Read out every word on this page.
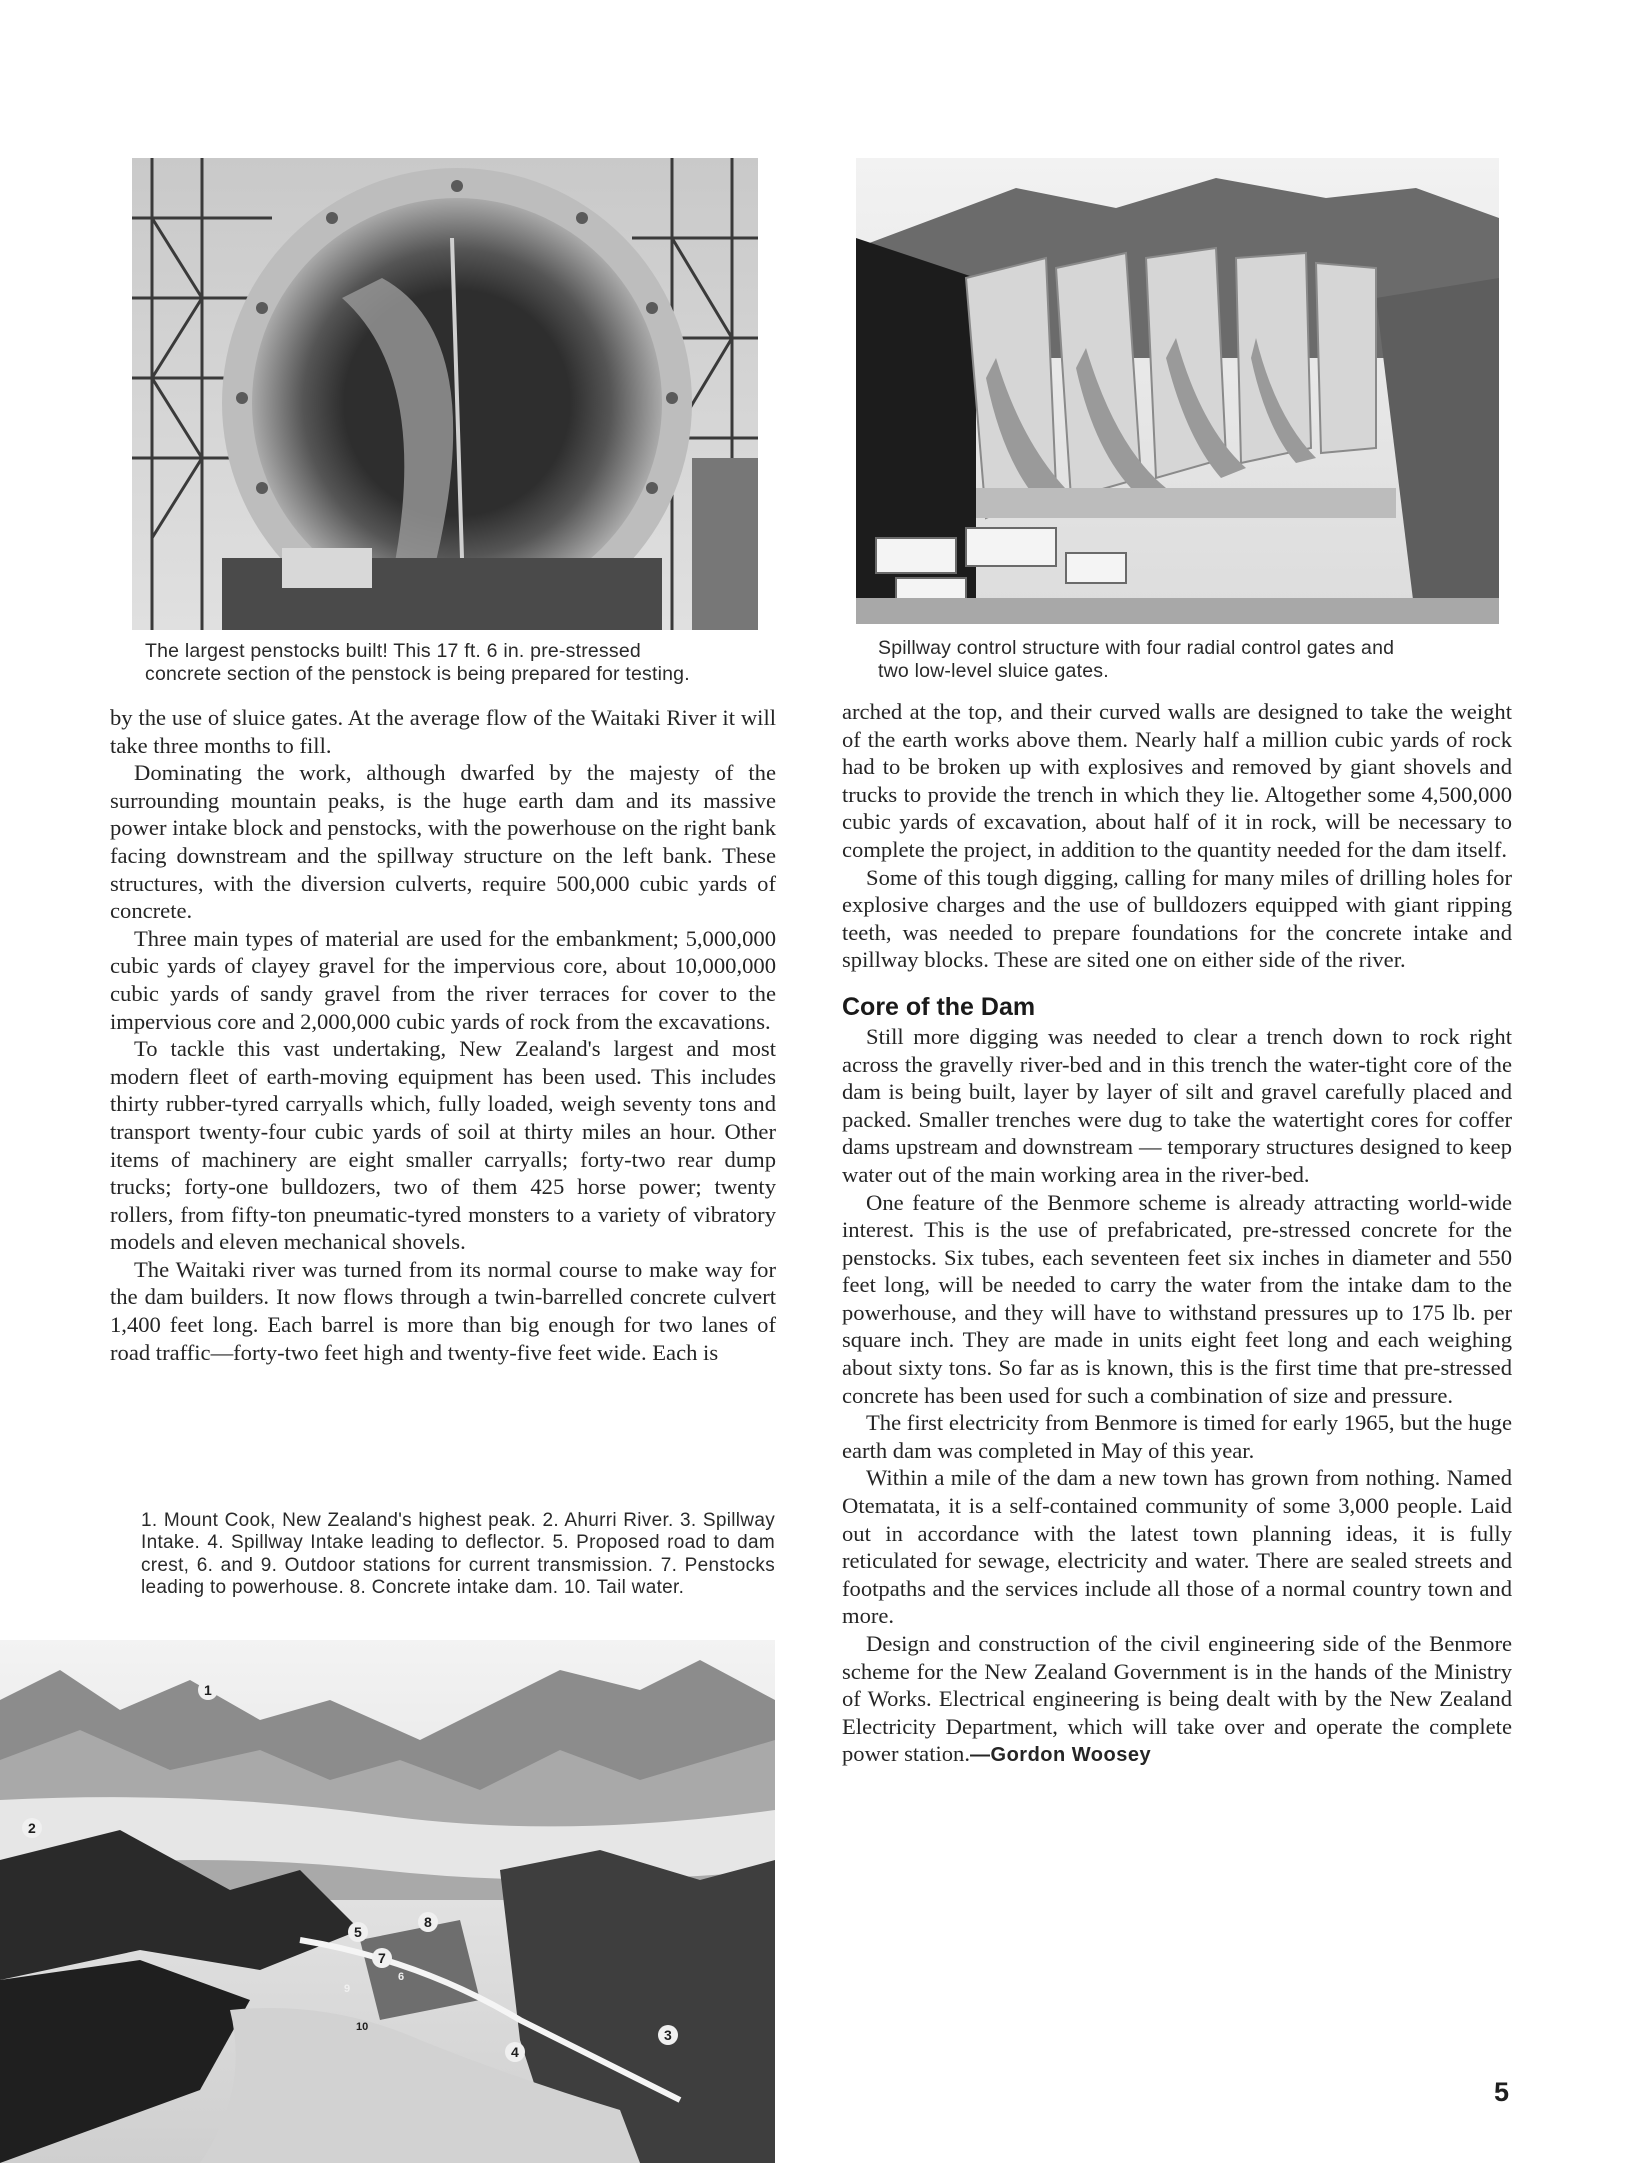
The largest penstocks built! This 17 ft. 6 in. pre-stressed

concrete section of the penstock is being prepared for testing.

Spillway control structure with four radial control gates and

two low-level sluice gates.

by the use of sluice gates. At the average flow of the Waitaki River it will take three months to fill.

Dominating the work, although dwarfed by the majesty of the surrounding mountain peaks, is the huge earth dam and its massive power intake block and penstocks, with the powerhouse on the right bank facing downstream and the spillway structure on the left bank. These structures, with the diversion culverts, require 500,000 cubic yards of concrete.

Three main types of material are used for the embankment; 5,000,000 cubic yards of clayey gravel for the impervious core, about 10,000,000 cubic yards of sandy gravel from the river terraces for cover to the impervious core and 2,000,000 cubic yards of rock from the excavations.

To tackle this vast undertaking, New Zealand's largest and most modern fleet of earth-moving equipment has been used. This includes thirty rubber-tyred carryalls which, fully loaded, weigh seventy tons and transport twenty-four cubic yards of soil at thirty miles an hour. Other items of machinery are eight smaller carryalls; forty-two rear dump trucks; forty-one bulldozers, two of them 425 horse power; twenty rollers, from fifty-ton pneumatic-tyred monsters to a variety of vibratory models and eleven mechanical shovels.

The Waitaki river was turned from its normal course to make way for the dam builders. It now flows through a twin-barrelled concrete culvert 1,400 feet long. Each barrel is more than big enough for two lanes of road traffic—forty-two feet high and twenty-five feet wide. Each is

1. Mount Cook, New Zealand's highest peak. 2. Ahurri River. 3. Spillway Intake. 4. Spillway Intake leading to deflector. 5. Proposed road to dam crest, 6. and 9. Outdoor stations for current transmission. 7. Penstocks leading to powerhouse. 8. Concrete intake dam. 10. Tail water.

1
2
3
4
5
6
7
8
9
10

arched at the top, and their curved walls are designed to take the weight of the earth works above them. Nearly half a million cubic yards of rock had to be broken up with explosives and removed by giant shovels and trucks to provide the trench in which they lie. Altogether some 4,500,000 cubic yards of excavation, about half of it in rock, will be necessary to complete the project, in addition to the quantity needed for the dam itself.

Some of this tough digging, calling for many miles of drilling holes for explosive charges and the use of bulldozers equipped with giant ripping teeth, was needed to prepare foundations for the concrete intake and spillway blocks. These are sited one on either side of the river.

Core of the Dam

Still more digging was needed to clear a trench down to rock right across the gravelly river-bed and in this trench the water-tight core of the dam is being built, layer by layer of silt and gravel carefully placed and packed. Smaller trenches were dug to take the watertight cores for coffer dams upstream and downstream — temporary structures designed to keep water out of the main working area in the river-bed.

One feature of the Benmore scheme is already attracting world-wide interest. This is the use of prefabricated, pre-stressed concrete for the penstocks. Six tubes, each seventeen feet six inches in diameter and 550 feet long, will be needed to carry the water from the intake dam to the powerhouse, and they will have to withstand pressures up to 175 lb. per square inch. They are made in units eight feet long and each weighing about sixty tons. So far as is known, this is the first time that pre-stressed concrete has been used for such a combination of size and pressure.

The first electricity from Benmore is timed for early 1965, but the huge earth dam was completed in May of this year.

Within a mile of the dam a new town has grown from nothing. Named Otematata, it is a self-contained community of some 3,000 people. Laid out in accordance with the latest town planning ideas, it is fully reticulated for sewage, electricity and water. There are sealed streets and footpaths and the services include all those of a normal country town and more.

Design and construction of the civil engineering side of the Benmore scheme for the New Zealand Government is in the hands of the Ministry of Works. Electrical engineering is being dealt with by the New Zealand Electricity Department, which will take over and operate the complete power station.—Gordon Woosey

5
